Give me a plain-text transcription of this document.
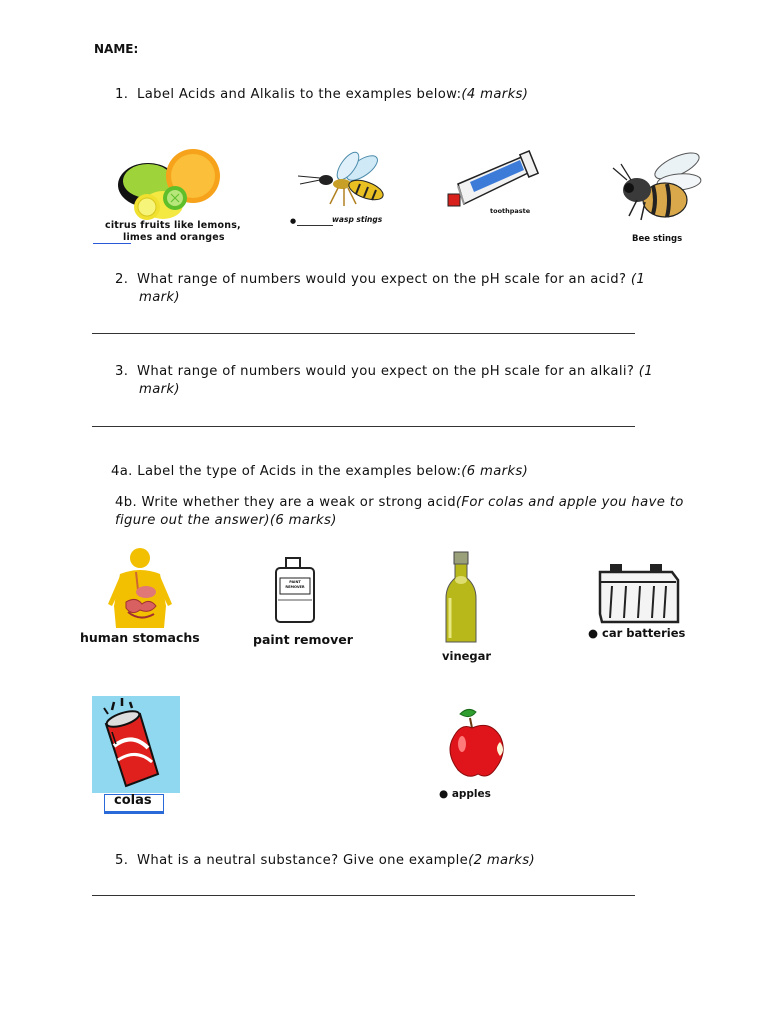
NAME:
1. Label Acids and Alkalis to the examples below:(4 marks)
citrus fruits like lemons,
limes and oranges
●	wasp stings
toothpaste
Bee stings
2. What range of numbers would you expect on the pH scale for an acid? (1
mark)
3. What range of numbers would you expect on the pH scale for an alkali? (1
mark)
4a. Label the type of Acids in the examples below:(6 marks)
4b. Write whether they are a weak or strong acid(For colas and apple you have to
figure out the answer)(6 marks)
human stomachs
PAINT REMOVER
paint remover
vinegar
● car batteries
colas	● apples
5. What is a neutral substance? Give one example(2 marks)
